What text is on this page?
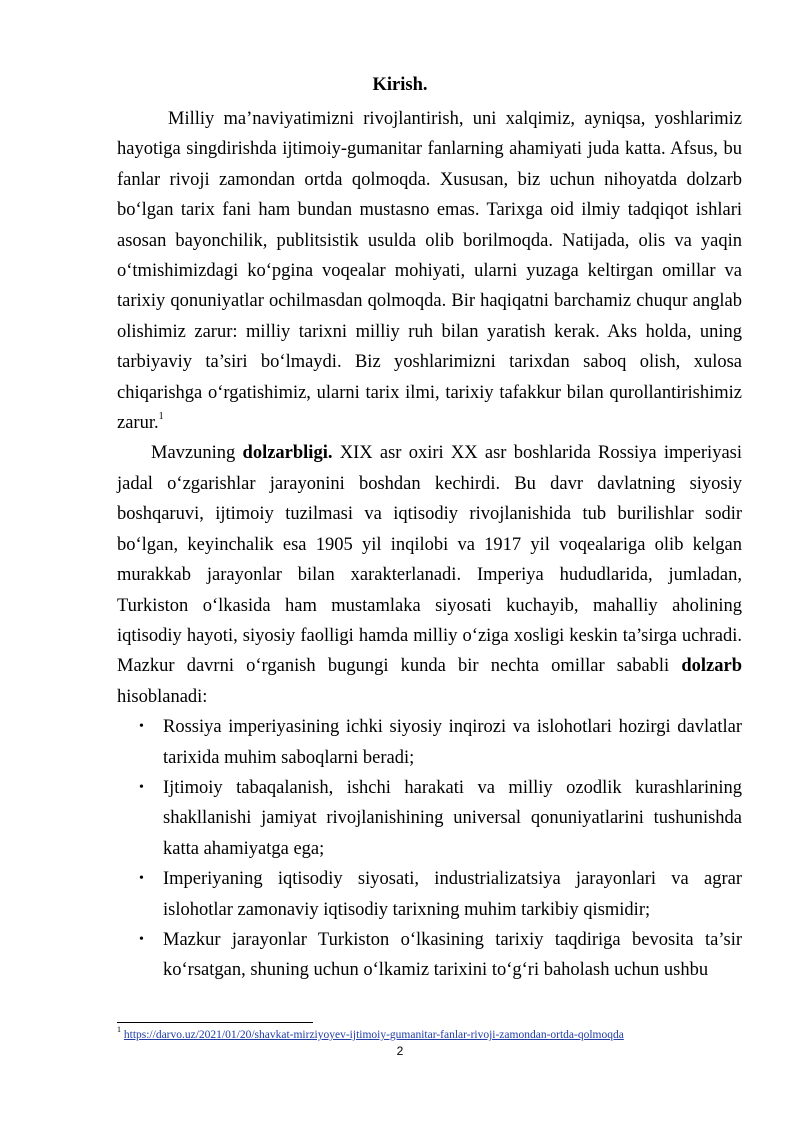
Kirish.

Milliy ma’naviyatimizni rivojlantirish, uni xalqimiz, ayniqsa, yoshlarimiz hayotiga singdirishda ijtimoiy-gumanitar fanlarning ahamiyati juda katta. Afsus, bu fanlar rivoji zamondan ortda qolmoqda. Xususan, biz uchun nihoyatda dolzarb bo‘lgan tarix fani ham bundan mustasno emas. Tarixga oid ilmiy tadqiqot ishlari asosan bayonchilik, publitsistik usulda olib borilmoqda. Natijada, olis va yaqin o‘tmishimizdagi ko‘pgina voqealar mohiyati, ularni yuzaga keltirgan omillar va tarixiy qonuniyatlar ochilmasdan qolmoqda. Bir haqiqatni barchamiz chuqur anglab olishimiz zarur: milliy tarixni milliy ruh bilan yaratish kerak. Aks holda, uning tarbiyaviy ta’siri bo‘lmaydi. Biz yoshlarimizni tarixdan saboq olish, xulosa chiqarishga o‘rgatishimiz, ularni tarix ilmi, tarixiy tafakkur bilan qurollantirishimiz zarur.$^1$

Mavzuning dolzarbligi. XIX asr oxiri XX asr boshlarida Rossiya imperiyasi jadal o‘zgarishlar jarayonini boshdan kechirdi. Bu davr davlatning siyosiy boshqaruvi, ijtimoiy tuzilmasi va iqtisodiy rivojlanishida tub burilishlar sodir bo‘lgan, keyinchalik esa 1905 yil inqilobi va 1917 yil voqealariga olib kelgan murakkab jarayonlar bilan xarakterlanadi. Imperiya hududlarida, jumladan, Turkiston o‘lkasida ham mustamlaka siyosati kuchayib, mahalliy aholining iqtisodiy hayoti, siyosiy faolligi hamda milliy o‘ziga xosligi keskin ta’sirga uchradi. Mazkur davrni o‘rganish bugungi kunda bir nechta omillar sababli dolzarb hisoblanadi:

• Rossiya imperiyasining ichki siyosiy inqirozi va islohotlari hozirgi davlatlar tarixida muhim saboqlarni beradi;
• Ijtimoiy tabaqalanish, ishchi harakati va milliy ozodlik kurashlarining shakllanishi jamiyat rivojlanishining universal qonuniyatlarini tushunishda katta ahamiyatga ega;
• Imperiyaning iqtisodiy siyosati, industrializatsiya jarayonlari va agrar islohotlar zamonaviy iqtisodiy tarixning muhim tarkibiy qismidir;
• Mazkur jarayonlar Turkiston o‘lkasining tarixiy taqdiriga bevosita ta’sir ko‘rsatgan, shuning uchun o‘lkamiz tarixini to‘g‘ri baholash uchun ushbu
$^1$ https://darvo.uz/2021/01/20/shavkat-mirziyoyev-ijtimoiy-gumanitar-fanlar-rivoji-zamondan-ortda-qolmoqda
2
